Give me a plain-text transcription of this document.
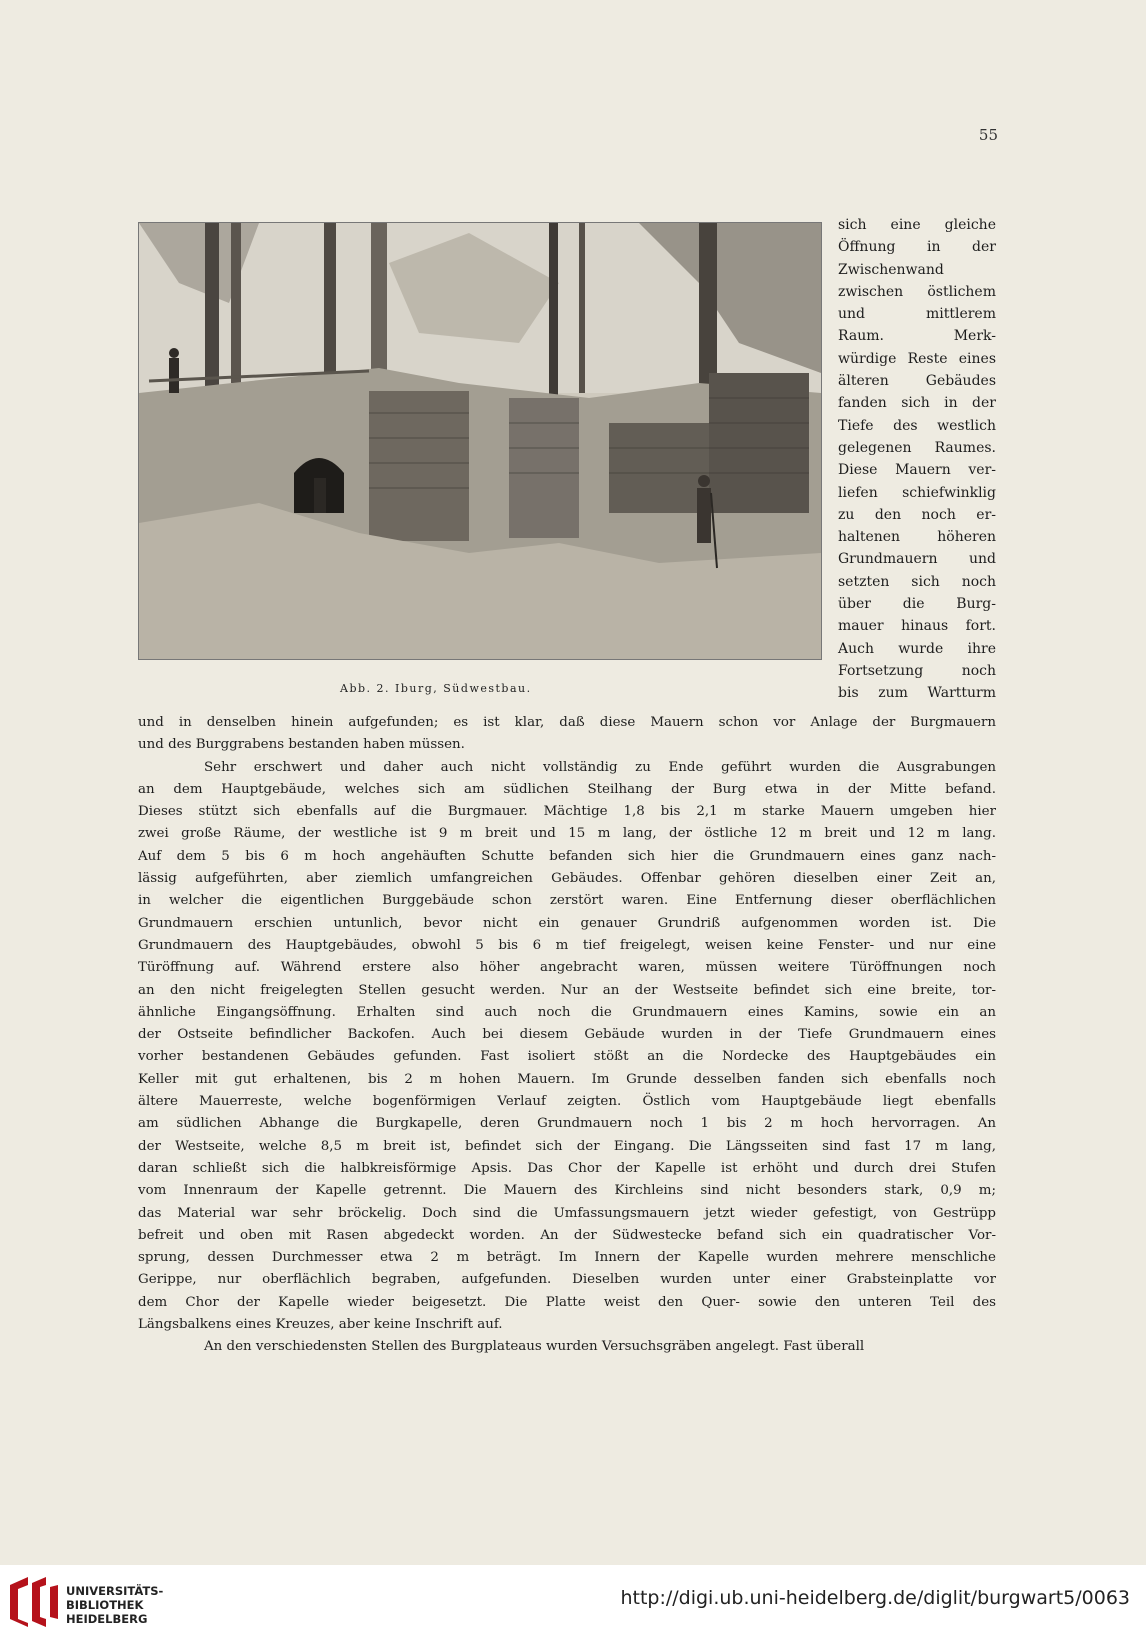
55
Abb. 2. Iburg, Südwestbau.
sich eine gleiche
Öffnung in der
Zwischenwand
zwischen östlichem
und mittlerem
Raum. Merk-
würdige Reste eines
älteren Gebäudes
fanden sich in der
Tiefe des westlich
gelegenen Raumes.
Diese Mauern ver-
liefen schiefwinklig
zu den noch er-
haltenen höheren
Grundmauern und
setzten sich noch
über die Burg-
mauer hinaus fort.
Auch wurde ihre
Fortsetzung noch
bis zum Wartturm
und in denselben hinein aufgefunden; es ist klar, daß diese Mauern schon vor Anlage der Burgmauern
und des Burggrabens bestanden haben müssen.
Sehr erschwert und daher auch nicht vollständig zu Ende geführt wurden die Ausgrabungen
an dem Hauptgebäude, welches sich am südlichen Steilhang der Burg etwa in der Mitte befand.
Dieses stützt sich ebenfalls auf die Burgmauer. Mächtige 1,8 bis 2,1 m starke Mauern umgeben hier
zwei große Räume, der westliche ist 9 m breit und 15 m lang, der östliche 12 m breit und 12 m lang.
Auf dem 5 bis 6 m hoch angehäuften Schutte befanden sich hier die Grundmauern eines ganz nach-
lässig aufgeführten, aber ziemlich umfangreichen Gebäudes. Offenbar gehören dieselben einer Zeit an,
in welcher die eigentlichen Burggebäude schon zerstört waren. Eine Entfernung dieser oberflächlichen
Grundmauern erschien untunlich, bevor nicht ein genauer Grundriß aufgenommen worden ist. Die
Grundmauern des Hauptgebäudes, obwohl 5 bis 6 m tief freigelegt, weisen keine Fenster- und nur eine
Türöffnung auf. Während erstere also höher angebracht waren, müssen weitere Türöffnungen noch
an den nicht freigelegten Stellen gesucht werden. Nur an der Westseite befindet sich eine breite, tor-
ähnliche Eingangsöffnung. Erhalten sind auch noch die Grundmauern eines Kamins, sowie ein an
der Ostseite befindlicher Backofen. Auch bei diesem Gebäude wurden in der Tiefe Grundmauern eines
vorher bestandenen Gebäudes gefunden. Fast isoliert stößt an die Nordecke des Hauptgebäudes ein
Keller mit gut erhaltenen, bis 2 m hohen Mauern. Im Grunde desselben fanden sich ebenfalls noch
ältere Mauerreste, welche bogenförmigen Verlauf zeigten. Östlich vom Hauptgebäude liegt ebenfalls
am südlichen Abhange die Burgkapelle, deren Grundmauern noch 1 bis 2 m hoch hervorragen. An
der Westseite, welche 8,5 m breit ist, befindet sich der Eingang. Die Längsseiten sind fast 17 m lang,
daran schließt sich die halbkreisförmige Apsis. Das Chor der Kapelle ist erhöht und durch drei Stufen
vom Innenraum der Kapelle getrennt. Die Mauern des Kirchleins sind nicht besonders stark, 0,9 m;
das Material war sehr bröckelig. Doch sind die Umfassungsmauern jetzt wieder gefestigt, von Gestrüpp
befreit und oben mit Rasen abgedeckt worden. An der Südwestecke befand sich ein quadratischer Vor-
sprung, dessen Durchmesser etwa 2 m beträgt. Im Innern der Kapelle wurden mehrere menschliche
Gerippe, nur oberflächlich begraben, aufgefunden. Dieselben wurden unter einer Grabsteinplatte vor
dem Chor der Kapelle wieder beigesetzt. Die Platte weist den Quer- sowie den unteren Teil des
Längsbalkens eines Kreuzes, aber keine Inschrift auf.
An den verschiedensten Stellen des Burgplateaus wurden Versuchsgräben angelegt. Fast überall
UNIVERSITÄTS-
BIBLIOTHEK
HEIDELBERG
http://digi.ub.uni-heidelberg.de/diglit/burgwart5/0063
